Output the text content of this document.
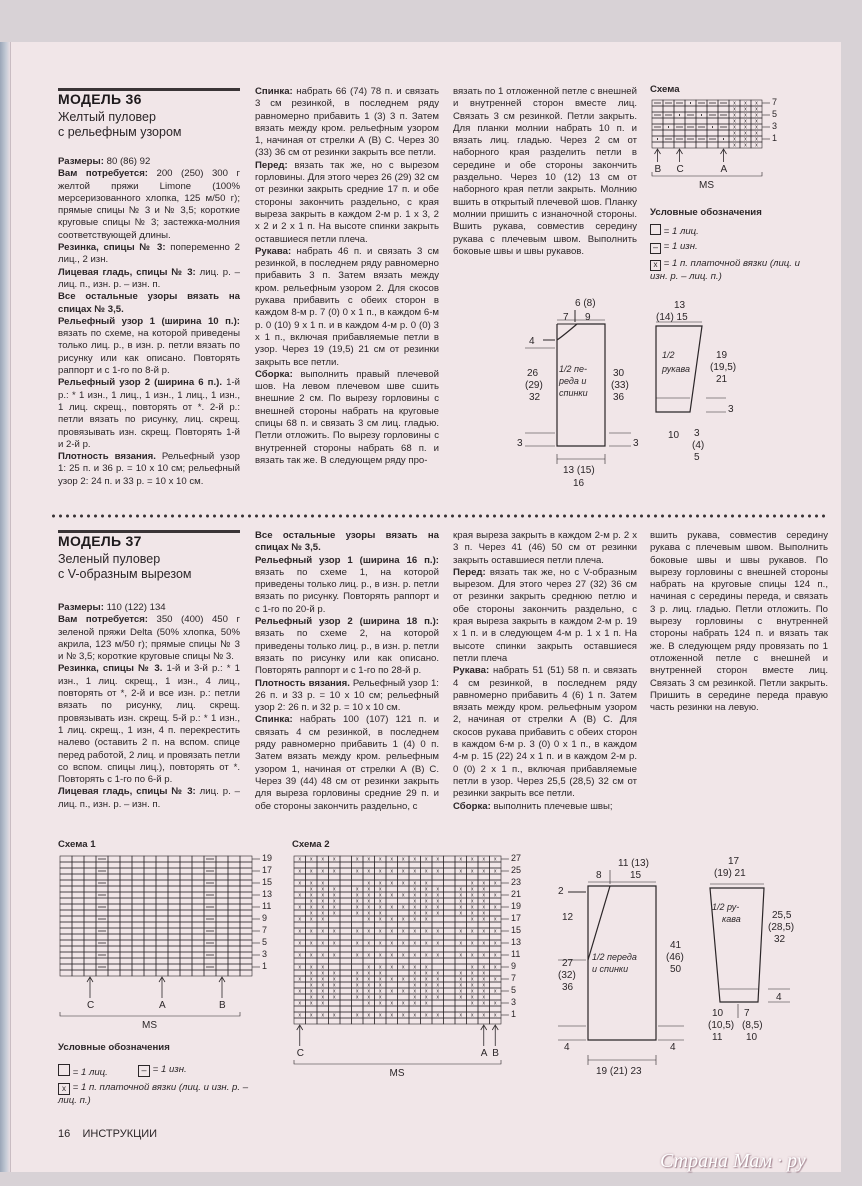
МОДЕЛЬ 36
Желтый пуловер
с рельефным узором

Размеры: 80 (86) 92

Вам потребуется: 200 (250) 300 г желтой пряжи Limone (100% мерсеризованного хлопка, 125 м/50 г); прямые спицы № 3 и № 3,5; короткие круговые спицы № 3; застежка-молния соответствующей длины.

Резинка, спицы № 3: попеременно 2 лиц., 2 изн.

Лицевая гладь, спицы № 3: лиц. р. – лиц. п., изн. р. – изн. п.

Все остальные узоры вязать на спицах № 3,5.

Рельефный узор 1 (ширина 10 п.): вязать по схеме, на которой приведены только лиц. р., в изн. р. петли вязать по рисунку или как описано. Повторять раппорт и с 1-го по 8-й р.

Рельефный узор 2 (ширина 6 п.). 1-й р.: * 1 изн., 1 лиц., 1 изн., 1 лиц., 1 изн., 1 лиц. скрещ., повторять от *. 2-й р.: петли вязать по рисунку, лиц. скрещ. провязывать изн. скрещ. Повторять 1-й и 2-й р.

Плотность вязания. Рельефный узор 1: 25 п. и 36 р. = 10 х 10 см; рельефный узор 2: 24 п. и 33 р. = 10 х 10 см.

Спинка: набрать 66 (74) 78 п. и связать 3 см резинкой, в последнем ряду равномерно прибавить 1 (3) 3 п. Затем вязать между кром. рельефным узором 1, начиная от стрелки А (В) С. Через 30 (33) 36 см от резинки закрыть все петли.

Перед: вязать так же, но с вырезом горловины. Для этого через 26 (29) 32 см от резинки закрыть средние 17 п. и обе стороны закончить раздельно, с края выреза закрыть в каждом 2-м р. 1 х 3, 2 х 2 и 2 х 1 п. На высоте спинки закрыть оставшиеся петли плеча.

Рукава: набрать 46 п. и связать 3 см резинкой, в последнем ряду равномерно прибавить 3 п. Затем вязать между кром. рельефным узором 2. Для скосов рукава прибавить с обеих сторон в каждом 8-м р. 7 (0) 0 х 1 п., в каждом 6-м р. 0 (10) 9 х 1 п. и в каждом 4-м р. 0 (0) 3 х 1 п., включая прибавляемые петли в узор. Через 19 (19,5) 21 см от резинки закрыть все петли.

Сборка: выполнить правый плечевой шов. На левом плечевом шве сшить внешние 2 см. По вырезу горловины с внешней стороны набрать на круговые спицы 68 п. и связать 3 см лиц. гладью. Петли отложить. По вырезу горловины с внутренней стороны набрать 68 п. и вязать так же. В следующем ряду про-

вязать по 1 отложенной петле с внешней и внутренней сторон вместе лиц. Связать 3 см резинкой. Петли закрыть. Для планки молнии набрать 10 п. и вязать лиц. гладью. Через 2 см от наборного края разделить петли в середине и обе стороны закончить раздельно. Через 10 (12) 13 см от наборного края петли закрыть. Молнию вшить в открытый плечевой шов. Планку молнии пришить с изнаночной стороны. Вшить рукава, совместив середину рукава с плечевым швом. Выполнить боковые швы и швы рукавов.

Схема
x x x
x x x
x x x
x x x
x x x
x x x
x x x
x x x
7
5
3
1
B C	A
MS
Условные обозначения
= 1 лиц.
– = 1 изн.
x = 1 п. платочной вязки (лиц. и изн. р. – лиц. п.)
6 (8)
7 9
4
26
(29)
32
30
(33)
36
1/2 пе-
реда и
спинки
3	3
13 (15)
16
13
(14) 15
1/2
рукава
19
(19,5)
21
3
10 3
(4)
5
МОДЕЛЬ 37
Зеленый пуловер
с V-образным вырезом

Размеры: 110 (122) 134

Вам потребуется: 350 (400) 450 г зеленой пряжи Delta (50% хлопка, 50% акрила, 123 м/50 г); прямые спицы № 3 и № 3,5; короткие круговые спицы № 3.

Резинка, спицы № 3. 1-й и 3-й р.: * 1 изн., 1 лиц. скрещ., 1 изн., 4 лиц., повторять от *, 2-й и все изн. р.: петли вязать по рисунку, лиц. скрещ. провязывать изн. скрещ. 5-й р.: * 1 изн., 1 лиц. скрещ., 1 изн, 4 п. перекрестить налево (оставить 2 п. на вспом. спице перед работой, 2 лиц. и провязать петли со вспом. спицы лиц.), повторять от *. Повторять с 1-го по 6-й р.

Лицевая гладь, спицы № 3: лиц. р. – лиц. п., изн. р. – изн. п.

Все остальные узоры вязать на спицах № 3,5.

Рельефный узор 1 (ширина 16 п.): вязать по схеме 1, на которой приведены только лиц. р., в изн. р. петли вязать по рисунку. Повторять раппорт и с 1-го по 20-й р.

Рельефный узор 2 (ширина 18 п.): вязать по схеме 2, на которой приведены только лиц. р., в изн. р. петли вязать по рисунку или как описано. Повторять раппорт и с 1-го по 28-й р.

Плотность вязания. Рельефный узор 1: 26 п. и 33 р. = 10 х 10 см; рельефный узор 2: 26 п. и 32 р. = 10 х 10 см.

Спинка: набрать 100 (107) 121 п. и связать 4 см резинкой, в последнем ряду равномерно прибавить 1 (4) 0 п. Затем вязать между кром. рельефным узором 1, начиная от стрелки А (В) С. Через 39 (44) 48 см от резинки закрыть для выреза горловины средние 29 п. и обе стороны закончить раздельно, с

края выреза закрыть в каждом 2-м р. 2 х 3 п. Через 41 (46) 50 см от резинки закрыть оставшиеся петли плеча.

Перед: вязать так же, но с V-образным вырезом. Для этого через 27 (32) 36 см от резинки закрыть среднюю петлю и обе стороны закончить раздельно, с края выреза закрыть в каждом 2-м р. 19 х 1 п. и в следующем 4-м р. 1 х 1 п. На высоте спинки закрыть оставшиеся петли плеча

Рукава: набрать 51 (51) 58 п. и связать 4 см резинкой, в последнем ряду равномерно прибавить 4 (6) 1 п. Затем вязать между кром. рельефным узором 2, начиная от стрелки А (В) С. Для скосов рукава прибавить с обеих сторон в каждом 6-м р. 3 (0) 0 х 1 п., в каждом 4-м р. 15 (22) 24 х 1 п. и в каждом 2-м р. 0 (0) 2 х 1 п., включая прибавляемые петли в узор. Через 25,5 (28,5) 32 см от резинки закрыть все петли.

Сборка: выполнить плечевые швы;

вшить рукава, совместив середину рукава с плечевым швом. Выполнить боковые швы и швы рукавов. По вырезу горловины с внешней стороны набрать на круговые спицы 124 п., начиная с середины переда, и связать 3 р. лиц. гладью. Петли отложить. По вырезу горловины с внутренней стороны набрать 124 п. и вязать так же. В следующем ряду провязать по 1 отложенной петле с внешней и внутренней сторон вместе лиц. Связать 3 см резинкой. Петли закрыть. Пришить в середине переда правую часть резинки на левую.

Схема 1
19
17
15
13
11
9
7
5
3
1
C	A	B
MS
Схема 2
x x x x	x x x x x x x x	x x x x
x x x x	x x x x x x x x	x x x x
x x x	x x x x x x	x x x
x x x	x x x	x x x	x x x
x x x x	x x x x x x x x	x x x x
x x x	x x x	x x x	x x x
x x x x	x x x x x x x x	x x x x
x x x	x x x	x x x	x x x
x x x	x x x x x x	x x x
x x x x	x x x x x x x x	x x x x
x x x x	x x x x x x x x	x x x x
x x x x	x x x x x x x x	x x x x
x x x	x x x x x x	x x x
x x x	x x x	x x x	x x x
x x x x	x x x x x x x x	x x x x
x x x	x x x	x x x	x x x
x x x x	x x x x x x x x	x x x x
x x x	x x x	x x x	x x x
x x x	x x x x x x	x x x
x x x x	x x x x x x x x	x x x x
27
25
23
21
19
17
15
13
11
9
7
5
3
1
C	A B
MS
Условные обозначения
= 1 лиц.	– = 1 изн.
x = 1 п. платочной вязки (лиц. и изн. р. – лиц. п.)
11 (13)
15
8
2
12
27
(32)
36
41
(46)
50
1/2 переда
и спинки
4	4
19 (21) 23
17
(19) 21
1/2 ру-
кава	25,5
(28,5)
32
4
10
(10,5)
11
7
(8,5)
10
16 ИНСТРУКЦИИ
Страна Мам · ру
